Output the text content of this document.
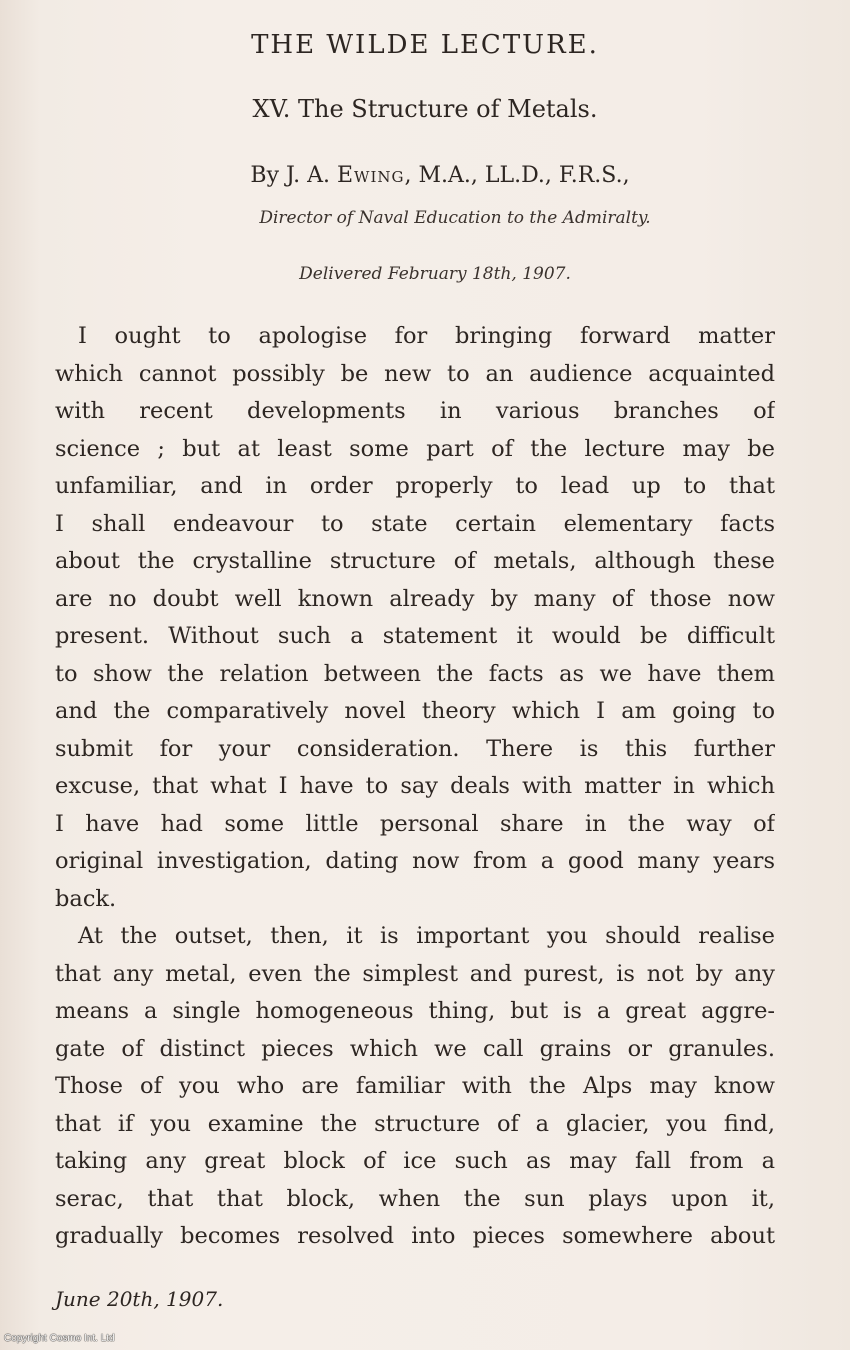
THE WILDE LECTURE.
XV. The Structure of Metals.
By J. A. Ewing, M.A., LL.D., F.R.S.,
Director of Naval Education to the Admiralty.
Delivered February 18th, 1907.
I ought to apologise for bringing forward matter
which cannot possibly be new to an audience acquainted
with recent developments in various branches of
science ; but at least some part of the lecture may be
unfamiliar, and in order properly to lead up to that
I shall endeavour to state certain elementary facts
about the crystalline structure of metals, although these
are no doubt well known already by many of those now
present. Without such a statement it would be difficult
to show the relation between the facts as we have them
and the comparatively novel theory which I am going to
submit for your consideration. There is this further
excuse, that what I have to say deals with matter in which
I have had some little personal share in the way of
original investigation, dating now from a good many years
back.
At the outset, then, it is important you should realise
that any metal, even the simplest and purest, is not by any
means a single homogeneous thing, but is a great aggre-
gate of distinct pieces which we call grains or granules.
Those of you who are familiar with the Alps may know
that if you examine the structure of a glacier, you find,
taking any great block of ice such as may fall from a
serac, that that block, when the sun plays upon it,
gradually becomes resolved into pieces somewhere about
June 20th, 1907.
Copyright Cosmo Int. Ltd
